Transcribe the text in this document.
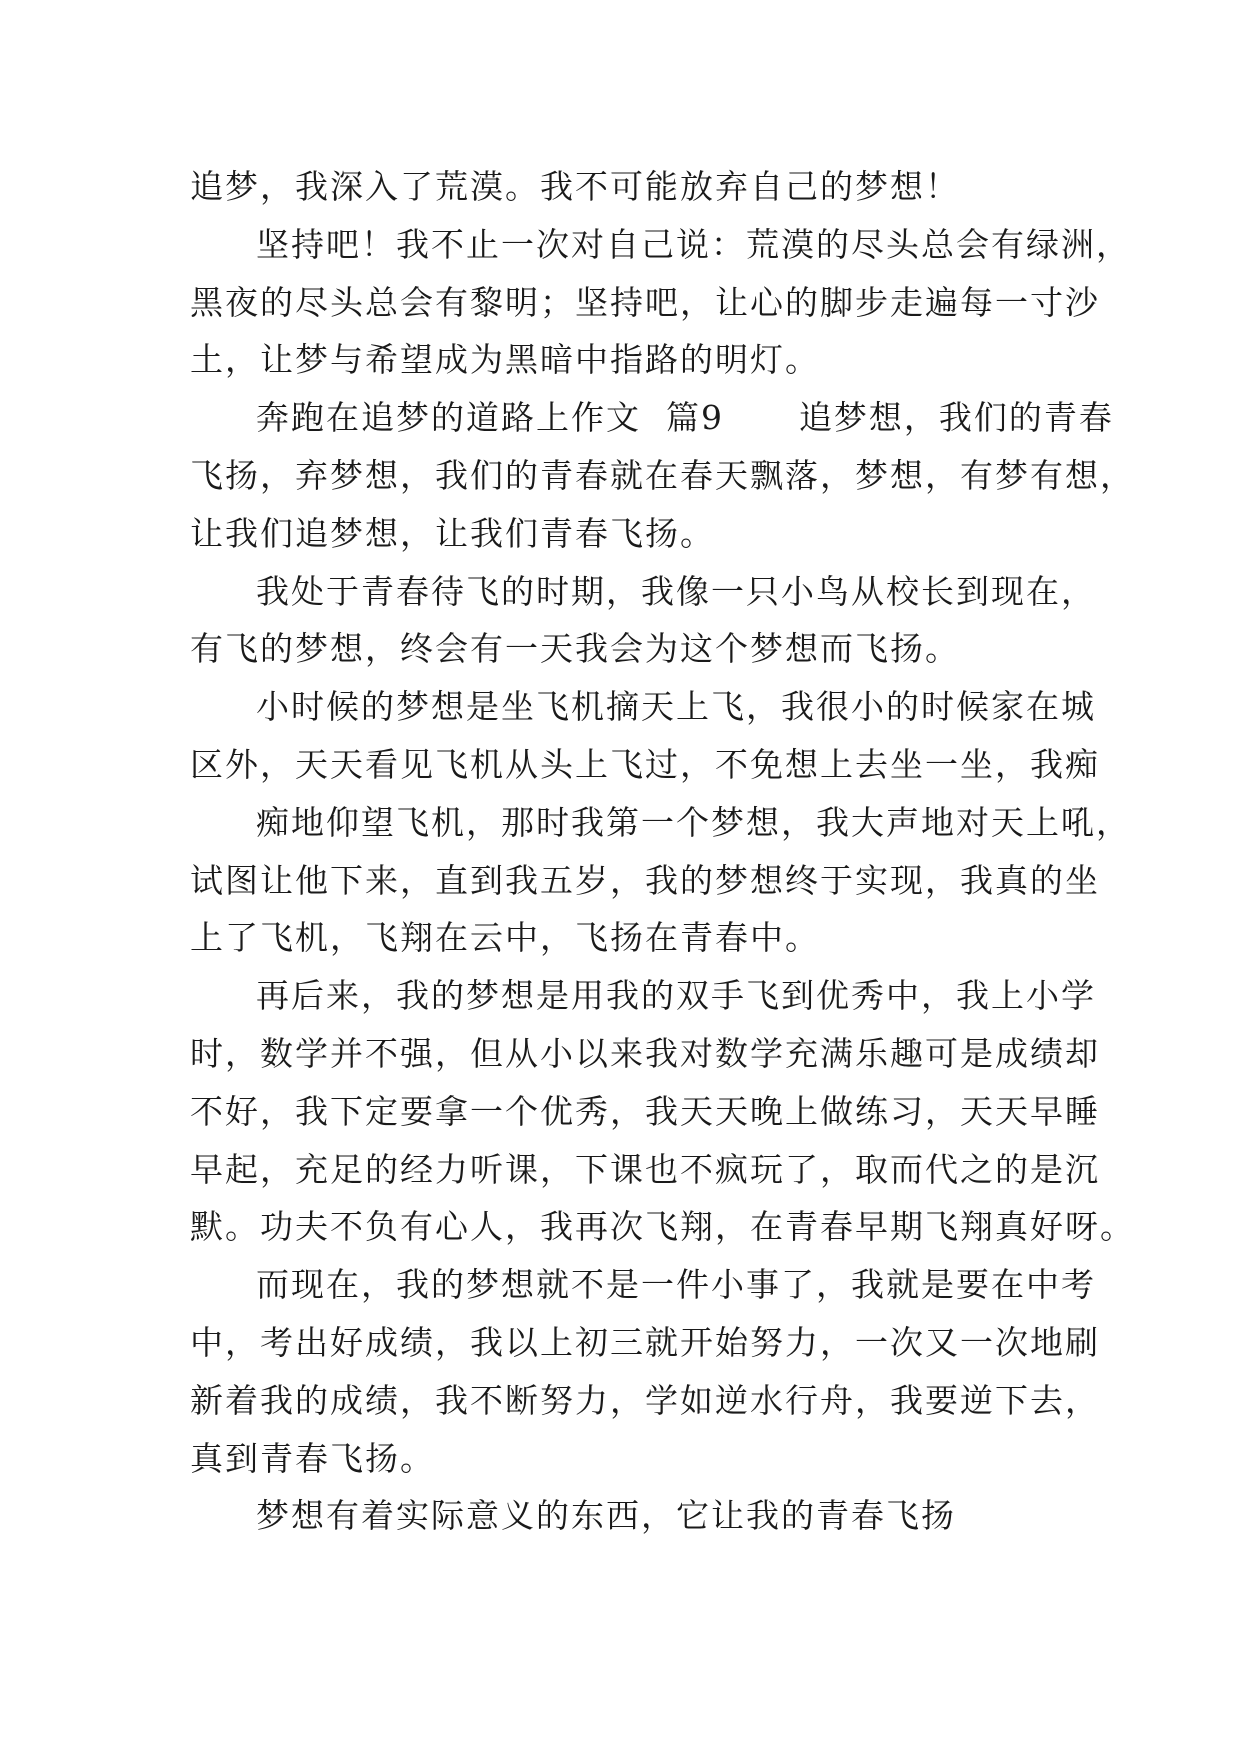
追梦，我深入了荒漠。我不可能放弃自己的梦想！
坚持吧！我不止一次对自己说：荒漠的尽头总会有绿洲，
黑夜的尽头总会有黎明；坚持吧，让心的脚步走遍每一寸沙
土，让梦与希望成为黑暗中指路的明灯。
奔跑在追梦的道路上作文  篇9      追梦想，我们的青春
飞扬，弃梦想，我们的青春就在春天飘落，梦想，有梦有想，
让我们追梦想，让我们青春飞扬。
我处于青春待飞的时期，我像一只小鸟从校长到现在，
有飞的梦想，终会有一天我会为这个梦想而飞扬。
小时候的梦想是坐飞机摘天上飞，我很小的时候家在城
区外，天天看见飞机从头上飞过，不免想上去坐一坐，我痴
痴地仰望飞机，那时我第一个梦想，我大声地对天上吼，
试图让他下来，直到我五岁，我的梦想终于实现，我真的坐
上了飞机，飞翔在云中，飞扬在青春中。
再后来，我的梦想是用我的双手飞到优秀中，我上小学
时，数学并不强，但从小以来我对数学充满乐趣可是成绩却
不好，我下定要拿一个优秀，我天天晚上做练习，天天早睡
早起，充足的经力听课，下课也不疯玩了，取而代之的是沉
默。功夫不负有心人，我再次飞翔，在青春早期飞翔真好呀。
而现在，我的梦想就不是一件小事了，我就是要在中考
中，考出好成绩，我以上初三就开始努力，一次又一次地刷
新着我的成绩，我不断努力，学如逆水行舟，我要逆下去，
真到青春飞扬。
梦想有着实际意义的东西，它让我的青春飞扬
